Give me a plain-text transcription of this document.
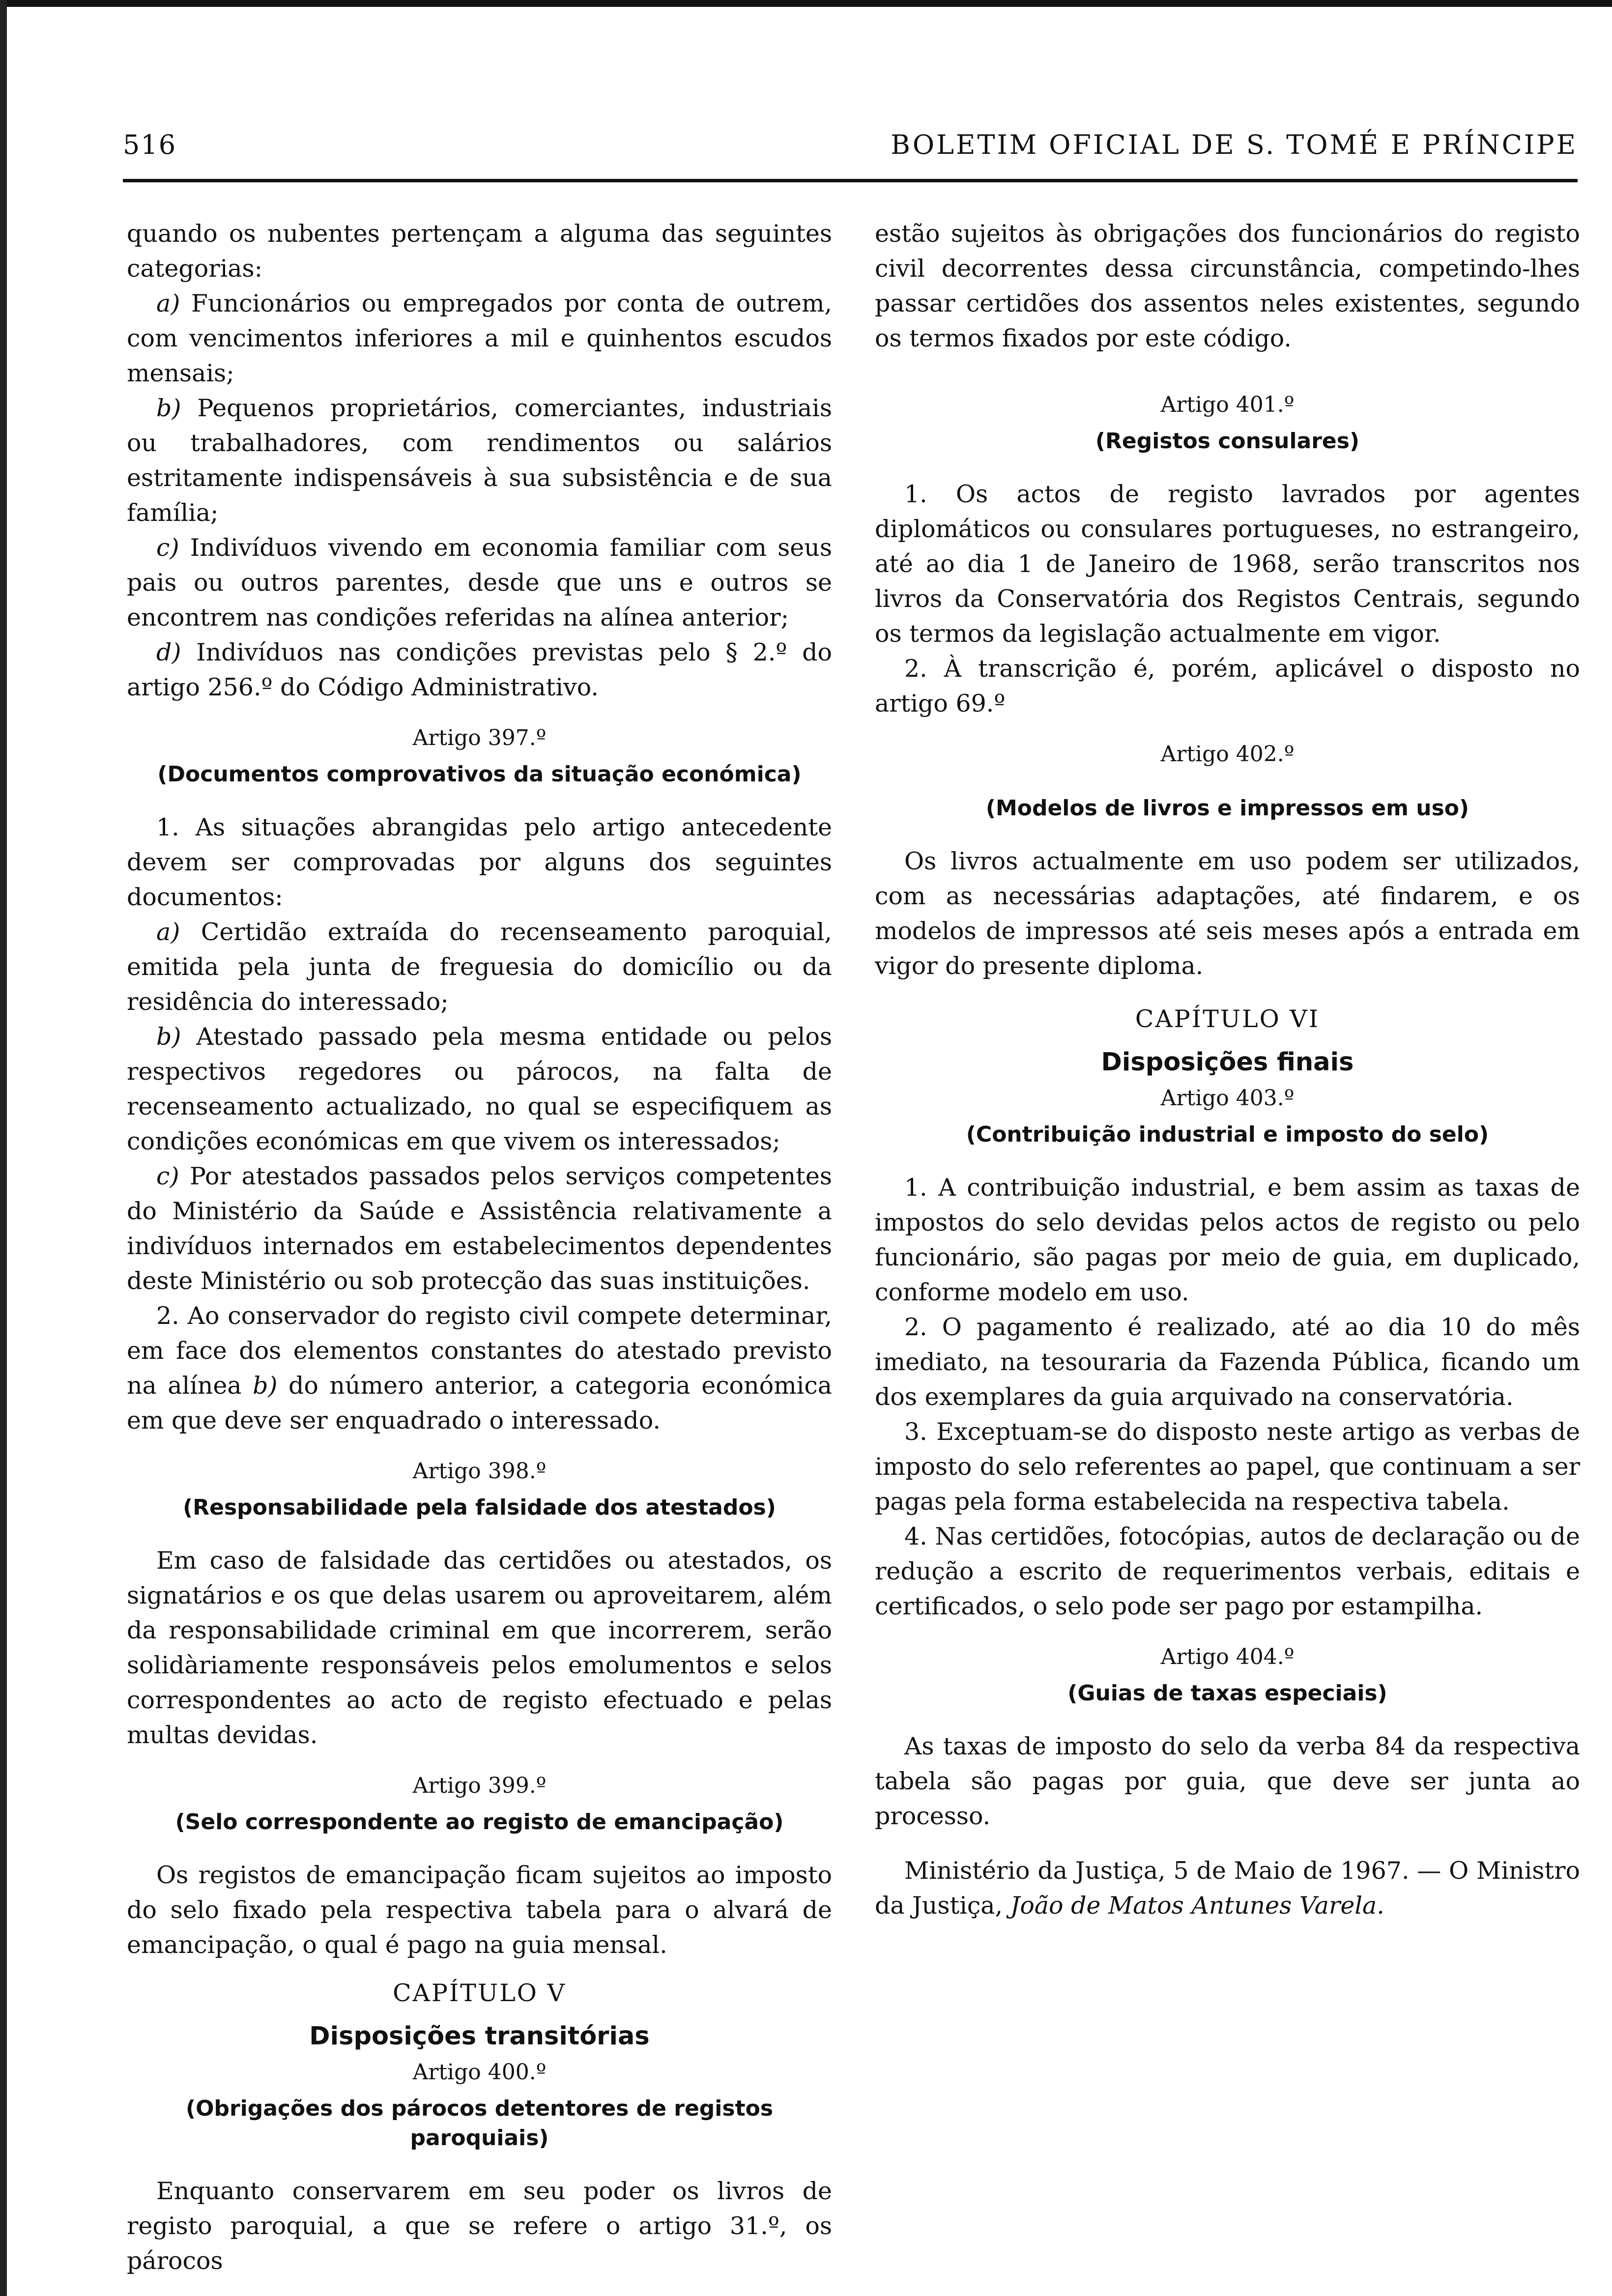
516	BOLETIM OFICIAL DE S. TOMÉ E PRÍNCIPE

quando os nubentes pertençam a alguma das seguintes categorias:

a) Funcionários ou empregados por conta de outrem, com vencimentos inferiores a mil e quinhentos escudos mensais;

b) Pequenos proprietários, comerciantes, industriais ou trabalhadores, com rendimentos ou salários estritamente indispensáveis à sua subsistência e de sua família;

c) Indivíduos vivendo em economia familiar com seus pais ou outros parentes, desde que uns e outros se encontrem nas condições referidas na alínea anterior;

d) Indivíduos nas condições previstas pelo § 2.º do artigo 256.º do Código Administrativo.

Artigo 397.º
(Documentos comprovativos da situação económica)

1. As situações abrangidas pelo artigo antecedente devem ser comprovadas por alguns dos seguintes documentos:

a) Certidão extraída do recenseamento paroquial, emitida pela junta de freguesia do domicílio ou da residência do interessado;

b) Atestado passado pela mesma entidade ou pelos respectivos regedores ou párocos, na falta de recenseamento actualizado, no qual se especifiquem as condições económicas em que vivem os interessados;

c) Por atestados passados pelos serviços competentes do Ministério da Saúde e Assistência relativamente a indivíduos internados em estabelecimentos dependentes deste Ministério ou sob protecção das suas instituições.

2. Ao conservador do registo civil compete determinar, em face dos elementos constantes do atestado previsto na alínea b) do número anterior, a categoria económica em que deve ser enquadrado o interessado.

Artigo 398.º
(Responsabilidade pela falsidade dos atestados)

Em caso de falsidade das certidões ou atestados, os signatários e os que delas usarem ou aproveitarem, além da responsabilidade criminal em que incorrerem, serão solidàriamente responsáveis pelos emolumentos e selos correspondentes ao acto de registo efectuado e pelas multas devidas.

Artigo 399.º
(Selo correspondente ao registo de emancipação)

Os registos de emancipação ficam sujeitos ao imposto do selo fixado pela respectiva tabela para o alvará de emancipação, o qual é pago na guia mensal.

CAPÍTULO V
Disposições transitórias
Artigo 400.º
(Obrigações dos párocos detentores de registos paroquiais)

Enquanto conservarem em seu poder os livros de registo paroquial, a que se refere o artigo 31.º, os párocos

estão sujeitos às obrigações dos funcionários do registo civil decorrentes dessa circunstância, competindo-lhes passar certidões dos assentos neles existentes, segundo os termos fixados por este código.

Artigo 401.º
(Registos consulares)

1. Os actos de registo lavrados por agentes diplomáticos ou consulares portugueses, no estrangeiro, até ao dia 1 de Janeiro de 1968, serão transcritos nos livros da Conservatória dos Registos Centrais, segundo os termos da legislação actualmente em vigor.

2. À transcrição é, porém, aplicável o disposto no artigo 69.º

Artigo 402.º
(Modelos de livros e impressos em uso)

Os livros actualmente em uso podem ser utilizados, com as necessárias adaptações, até findarem, e os modelos de impressos até seis meses após a entrada em vigor do presente diploma.

CAPÍTULO VI
Disposições finais
Artigo 403.º
(Contribuição industrial e imposto do selo)

1. A contribuição industrial, e bem assim as taxas de impostos do selo devidas pelos actos de registo ou pelo funcionário, são pagas por meio de guia, em duplicado, conforme modelo em uso.

2. O pagamento é realizado, até ao dia 10 do mês imediato, na tesouraria da Fazenda Pública, ficando um dos exemplares da guia arquivado na conservatória.

3. Exceptuam-se do disposto neste artigo as verbas de imposto do selo referentes ao papel, que continuam a ser pagas pela forma estabelecida na respectiva tabela.

4. Nas certidões, fotocópias, autos de declaração ou de redução a escrito de requerimentos verbais, editais e certificados, o selo pode ser pago por estampilha.

Artigo 404.º
(Guias de taxas especiais)

As taxas de imposto do selo da verba 84 da respectiva tabela são pagas por guia, que deve ser junta ao processo.

Ministério da Justiça, 5 de Maio de 1967. — O Ministro da Justiça, João de Matos Antunes Varela.
